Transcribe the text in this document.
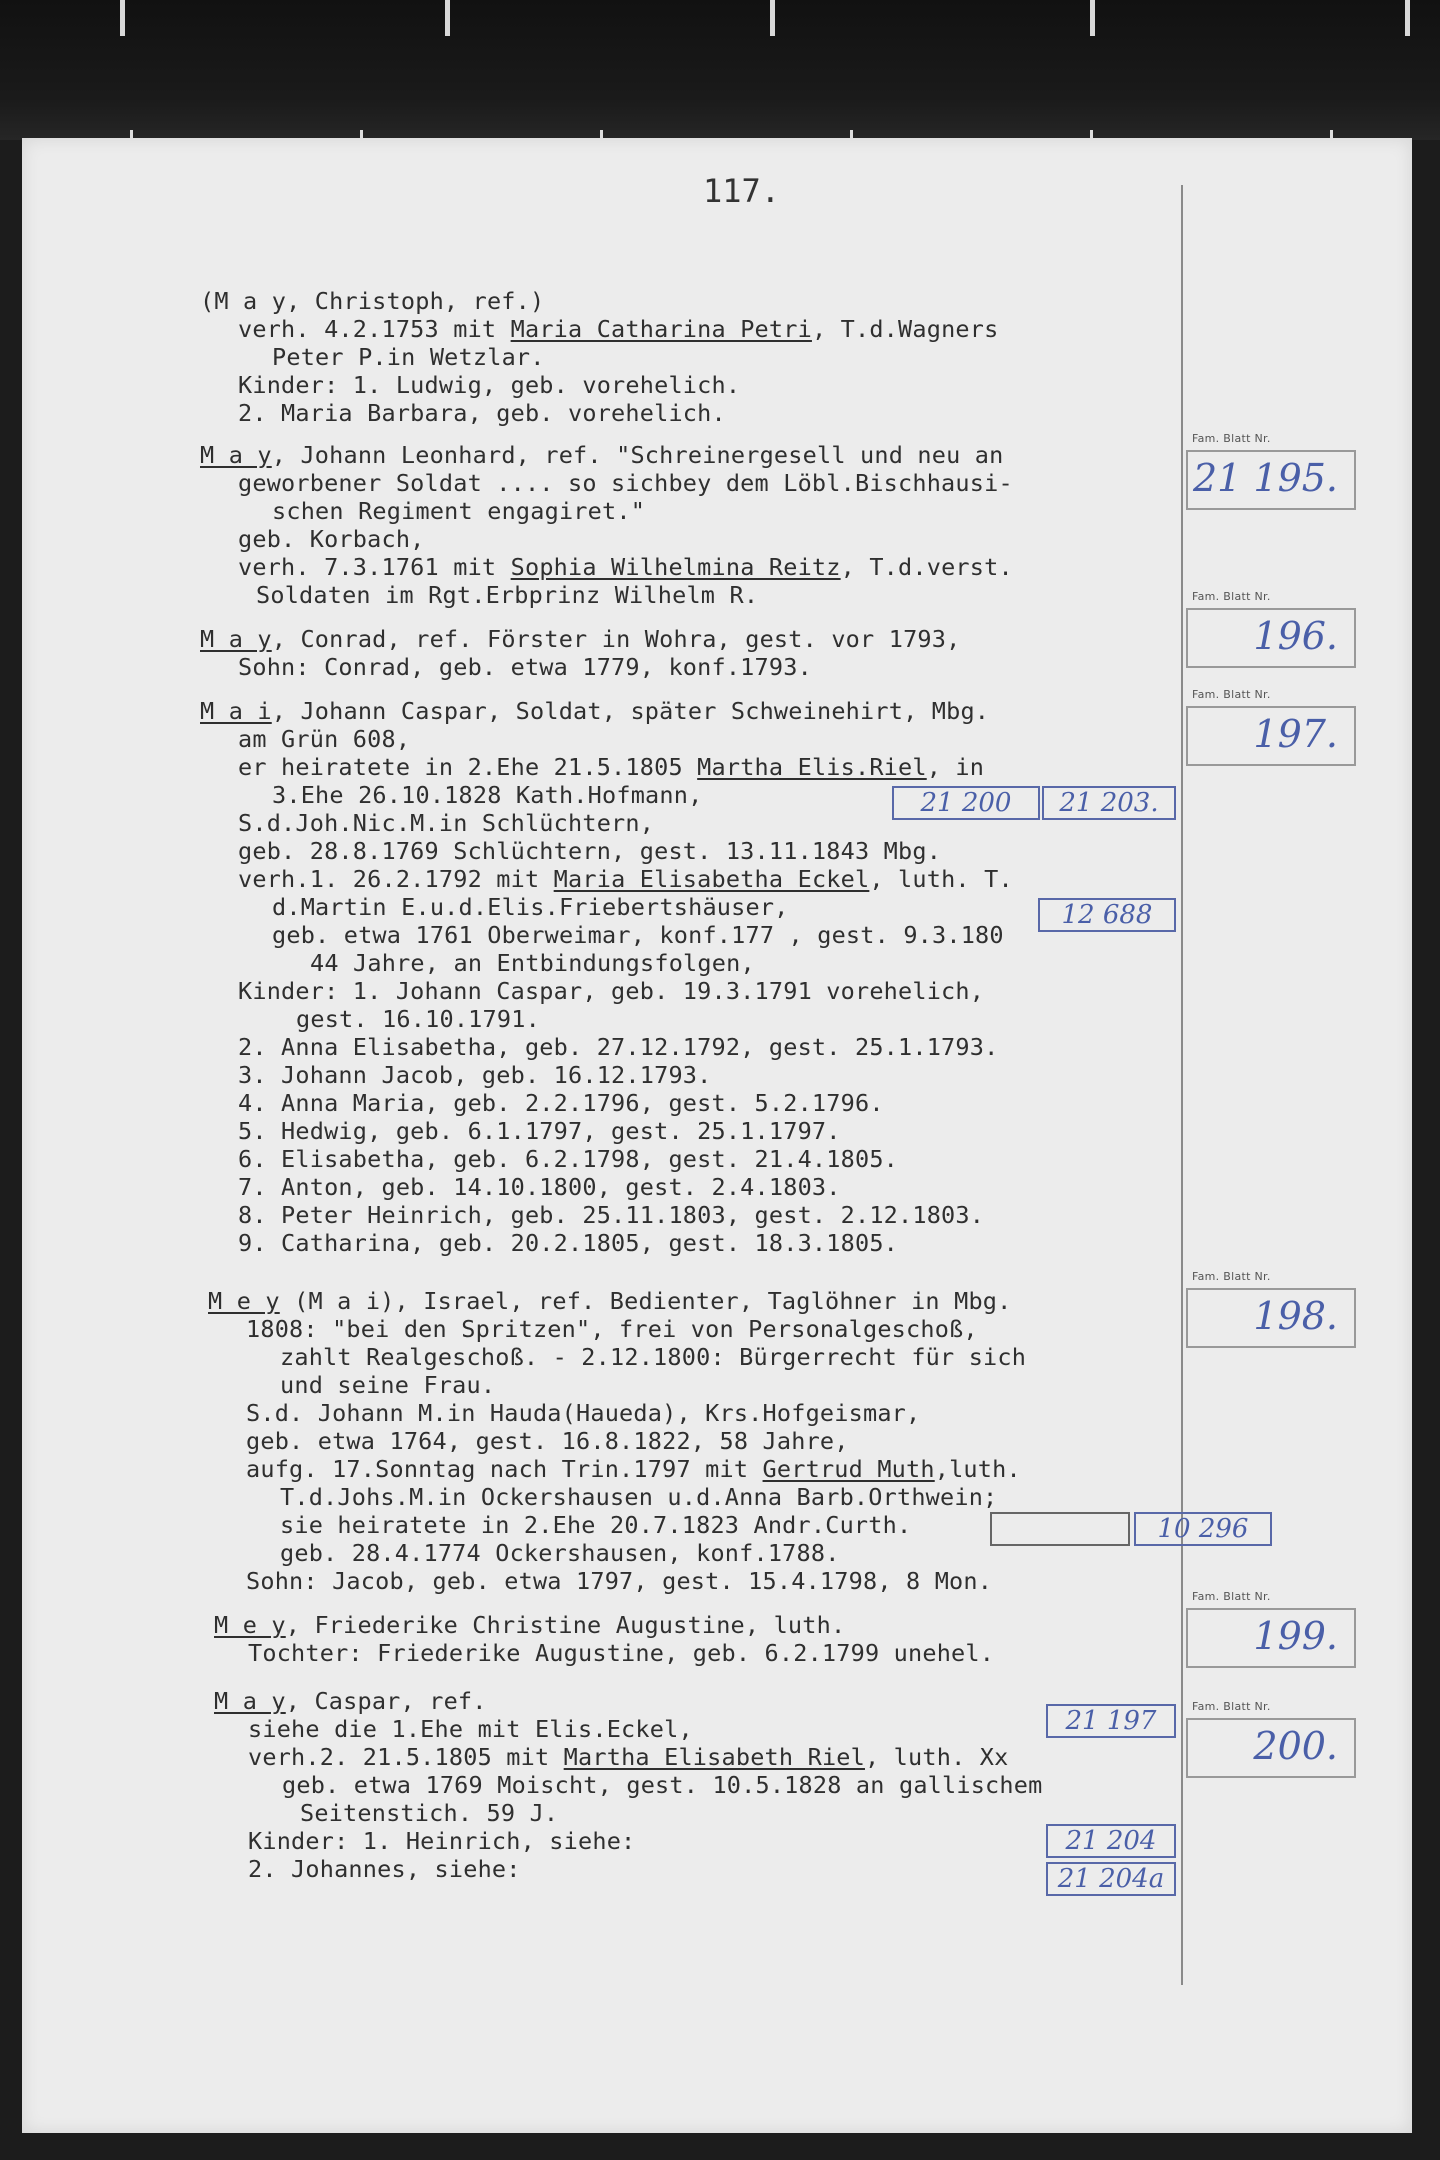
117.
(M a y, Christoph, ref.)
verh. 4.2.1753 mit Maria Catharina Petri, T.d.Wagners
Peter P.in Wetzlar.
Kinder: 1. Ludwig, geb. vorehelich.
2. Maria Barbara, geb. vorehelich.
M a y, Johann Leonhard, ref. "Schreinergesell und neu an
geworbener Soldat .... so sichbey dem Löbl.Bischhausi-
schen Regiment engagiret."
geb. Korbach,
verh. 7.3.1761 mit Sophia Wilhelmina Reitz, T.d.verst.
Soldaten im Rgt.Erbprinz Wilhelm R.
M a y, Conrad, ref. Förster in Wohra, gest. vor 1793,
Sohn: Conrad, geb. etwa 1779, konf.1793.
M a i, Johann Caspar, Soldat, später Schweinehirt, Mbg.
am Grün 608,
er heiratete in 2.Ehe 21.5.1805 Martha Elis.Riel, in
3.Ehe 26.10.1828 Kath.Hofmann,
S.d.Joh.Nic.M.in Schlüchtern,
geb. 28.8.1769 Schlüchtern, gest. 13.11.1843 Mbg.
verh.1. 26.2.1792 mit Maria Elisabetha Eckel, luth. T.
d.Martin E.u.d.Elis.Friebertshäuser,
geb. etwa 1761 Oberweimar, konf.177 , gest. 9.3.180
44 Jahre, an Entbindungsfolgen,
Kinder: 1. Johann Caspar, geb. 19.3.1791 vorehelich,
gest. 16.10.1791.
2. Anna Elisabetha, geb. 27.12.1792, gest. 25.1.1793.
3. Johann Jacob, geb. 16.12.1793.
4. Anna Maria, geb. 2.2.1796, gest. 5.2.1796.
5. Hedwig, geb. 6.1.1797, gest. 25.1.1797.
6. Elisabetha, geb. 6.2.1798, gest. 21.4.1805.
7. Anton, geb. 14.10.1800, gest. 2.4.1803.
8. Peter Heinrich, geb. 25.11.1803, gest. 2.12.1803.
9. Catharina, geb. 20.2.1805, gest. 18.3.1805.
M e y (M a i), Israel, ref. Bedienter, Taglöhner in Mbg.
1808: "bei den Spritzen", frei von Personalgeschoß,
zahlt Realgeschoß. - 2.12.1800: Bürgerrecht für sich
und seine Frau.
S.d. Johann M.in Hauda(Haueda), Krs.Hofgeismar,
geb. etwa 1764, gest. 16.8.1822, 58 Jahre,
aufg. 17.Sonntag nach Trin.1797 mit Gertrud Muth,luth.
T.d.Johs.M.in Ockershausen u.d.Anna Barb.Orthwein;
sie heiratete in 2.Ehe 20.7.1823 Andr.Curth.
geb. 28.4.1774 Ockershausen, konf.1788.
Sohn: Jacob, geb. etwa 1797, gest. 15.4.1798, 8 Mon.
M e y, Friederike Christine Augustine, luth.
Tochter: Friederike Augustine, geb. 6.2.1799 unehel.
M a y, Caspar, ref.
siehe die 1.Ehe mit Elis.Eckel,
verh.2. 21.5.1805 mit Martha Elisabeth Riel, luth. Xx
geb. etwa 1769 Moischt, gest. 10.5.1828 an gallischem
Seitenstich. 59 J.
Kinder: 1. Heinrich, siehe:
2. Johannes, siehe:
Fam. Blatt Nr.
21 195.
Fam. Blatt Nr.
196.
Fam. Blatt Nr.
197.
Fam. Blatt Nr.
198.
Fam. Blatt Nr.
199.
Fam. Blatt Nr.
200.
21 200	21 203.
12 688
10 296
21 197
21 204
21 204a
